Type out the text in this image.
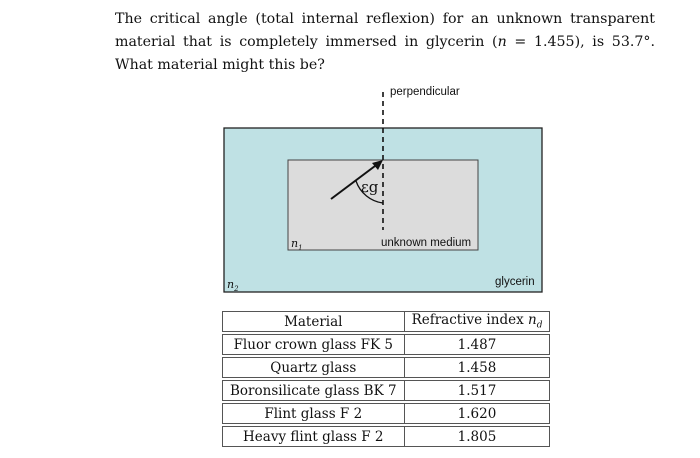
The critical angle (total internal reflexion) for an unknown transparent material that is completely immersed in glycerin (n = 1.455), is 53.7°. What material might this be?

perpendicular
εg
$n_1$	unknown medium
$n_2$
glycerin
Material	Refractive index $n_d$
Fluor crown glass FK 5	1.487
Quartz glass	1.458
Boronsilicate glass BK 7	1.517
Flint glass F 2	1.620
Heavy flint glass F 2	1.805
